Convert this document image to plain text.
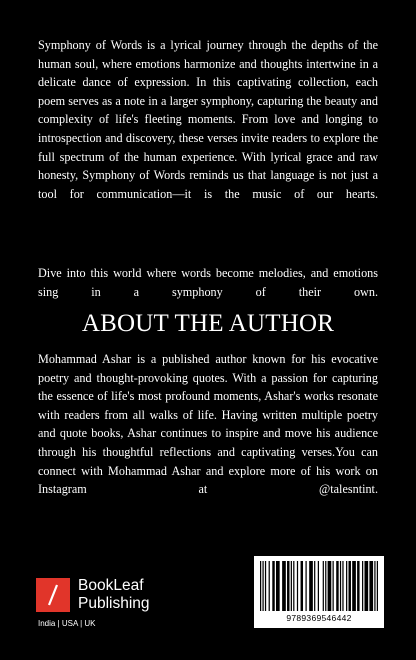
Symphony of Words is a lyrical journey through the depths of the human soul, where emotions harmonize and thoughts intertwine in a delicate dance of expression. In this captivating collection, each poem serves as a note in a larger symphony, capturing the beauty and complexity of life's fleeting moments. From love and longing to introspection and discovery, these verses invite readers to explore the full spectrum of the human experience. With lyrical grace and raw honesty, Symphony of Words reminds us that language is not just a tool for communication—it is the music of our hearts.

Dive into this world where words become melodies, and emotions sing in a symphony of their own.

ABOUT THE AUTHOR

Mohammad Ashar is a published author known for his evocative poetry and thought-provoking quotes. With a passion for capturing the essence of life's most profound moments, Ashar's works resonate with readers from all walks of life. Having written multiple poetry and quote books, Ashar continues to inspire and move his audience through his thoughtful reflections and captivating verses.You can connect with Mohammad Ashar and explore more of his work on Instagram at @talesntint.

BookLeaf
Publishing
India | USA | UK
9789369546442
